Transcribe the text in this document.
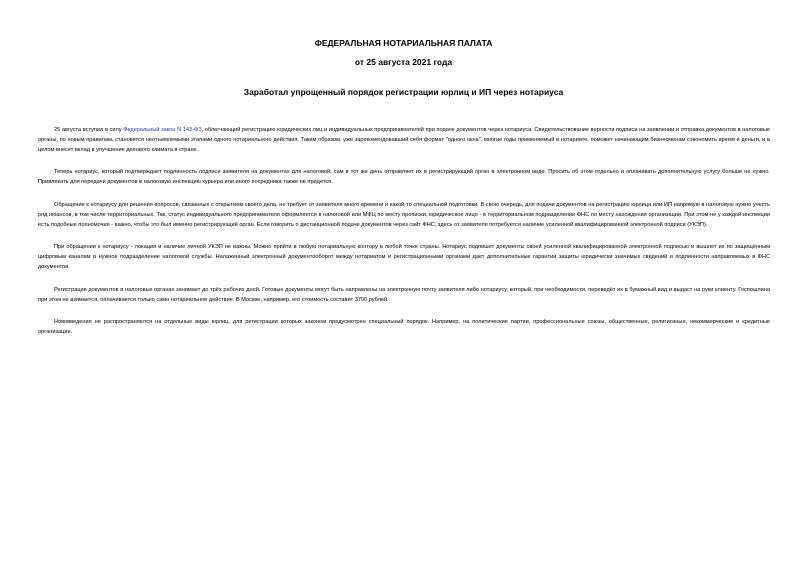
ФЕДЕРАЛЬНАЯ НОТАРИАЛЬНАЯ ПАЛАТА
от 25 августа 2021 года
Заработал упрощенный порядок регистрации юрлиц и ИП через нотариуса

25 августа вступил в силу Федеральный закон N 143-ФЗ, облегчающий регистрацию юридических лиц и индивидуальных предпринимателей при подаче документов через нотариуса. Свидетельствование верности подписи на заявлении и отправка документов в налоговые органы, по новым правилам, становятся неотъемлемыми этапами одного нотариального действия. Таким образом, уже зарекомендовавший себя формат "одного окна", многие годы применяемый в нотариате, поможет начинающим бизнесменам сэкономить время и деньги, и в целом внесет вклад в улучшение делового климата в стране.

Теперь нотариус, который подтверждает подлинность подписи заявителя на документах для налоговой, сам в тот же день отправляет их в регистрирующий орган в электронном виде. Просить об этом отдельно и оплачивать дополнительную услугу больше не нужно. Привлекать для передачи документов в налоговую инспекцию курьера или иного посредника также не придется.

Обращение к нотариусу для решения вопросов, связанных с открытием своего дела, не требует от заявителя много времени и какой-то специальной подготовки. В свою очередь, для подачи документов на регистрацию юрлица или ИП напрямую в налоговую нужно учесть ряд нюансов, в том числе территориальных. Так, статус индивидуального предпринимателя оформляется в налоговой или МФЦ по месту прописки, юридическое лицо - в территориальном подразделении ФНС по месту нахождения организации. При этом не у каждой инспекции есть подобные полномочия - важно, чтобы это был именно регистрирующий орган. Если говорить о дистанционной подаче документов через сайт ФНС, здесь от заявителя потребуется наличие усиленной квалифицированной электронной подписи (УКЭП).

При обращении к нотариусу - локация и наличие личной УКЭП не важны. Можно прийти в любую нотариальную контору в любой точке страны. Нотариус подпишет документы своей усиленной квалифицированной электронной подписью и вышлет их по защищённым цифровым каналам в нужное подразделение налоговой службы. Налаженный электронный документооборот между нотариатом и регистрационными органами дает дополнительные гарантии защиты юридически значимых сведений и подлинности направляемых в ФНС документов.

Регистрация документов в налоговых органах занимает до трёх рабочих дней. Готовые документы могут быть направлены на электронную почту заявителя либо нотариусу, который, при необходимости, переведёт их в бумажный вид и выдаст на руки клиенту. Госпошлина при этом не взимается, оплачивается только само нотариальное действие. В Москве, например, его стоимость составит 3700 рублей.

Нововведения не распространяются на отдельные виды юрлиц, для регистрации которых законом предусмотрен специальный порядок. Например, на политические партии, профессиональные союзы, общественные, религиозные, некоммерческие и кредитные организации.
